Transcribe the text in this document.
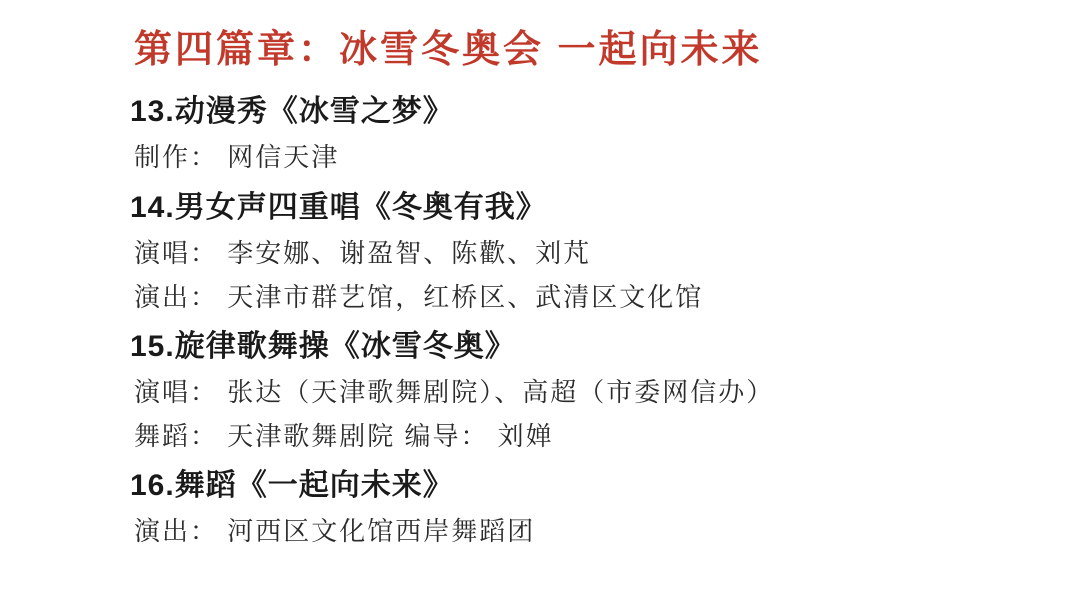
第四篇章：冰雪冬奥会 一起向未来
13.动漫秀《冰雪之梦》
制作： 网信天津
14.男女声四重唱《冬奥有我》
演唱： 李安娜、谢盈智、陈歡、刘芃
演出： 天津市群艺馆，红桥区、武清区文化馆
15.旋律歌舞操《冰雪冬奥》
演唱： 张达（天津歌舞剧院）、高超（市委网信办）
舞蹈： 天津歌舞剧院 编导： 刘婵
16.舞蹈《一起向未来》
演出： 河西区文化馆西岸舞蹈团
